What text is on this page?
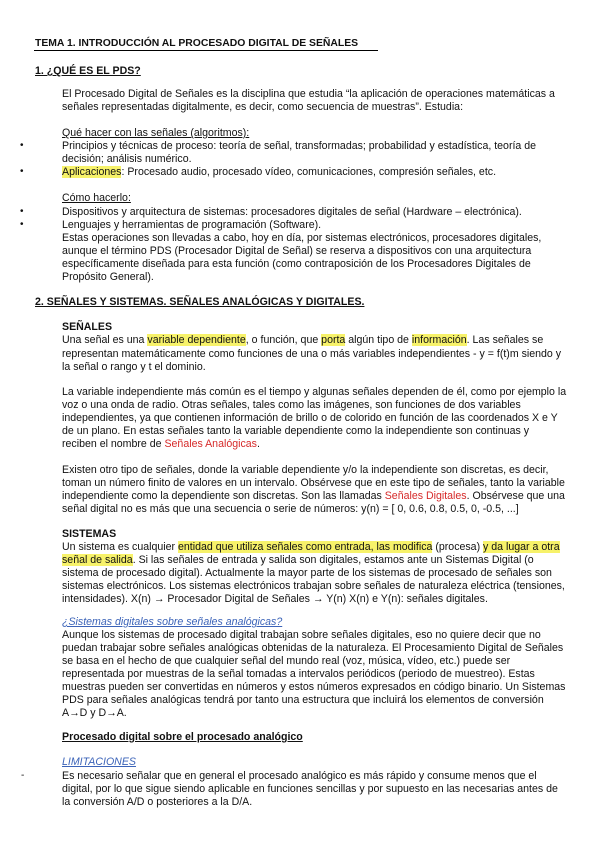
TEMA 1. INTRODUCCIÓN AL PROCESADO DIGITAL DE SEÑALES
1. ¿QUÉ ES EL PDS?
El Procesado Digital de Señales es la disciplina que estudia “la aplicación de operaciones matemáticas a
señales representadas digitalmente, es decir, como secuencia de muestras”. Estudia:
Qué hacer con las señales (algoritmos):
•	Principios y técnicas de proceso: teoría de señal, transformadas; probabilidad y estadística, teoría de
decisión; análisis numérico.
•	Aplicaciones: Procesado audio, procesado vídeo, comunicaciones, compresión señales, etc.
Cómo hacerlo:
•	Dispositivos y arquitectura de sistemas: procesadores digitales de señal (Hardware – electrónica).
•	Lenguajes y herramientas de programación (Software).
Estas operaciones son llevadas a cabo, hoy en día, por sistemas electrónicos, procesadores digitales,
aunque el término PDS (Procesador Digital de Señal) se reserva a dispositivos con una arquitectura
específicamente diseñada para esta función (como contraposición de los Procesadores Digitales de
Propósito General).
2. SEÑALES Y SISTEMAS. SEÑALES ANALÓGICAS Y DIGITALES.
SEÑALES
Una señal es una variable dependiente, o función, que porta algún tipo de información. Las señales se
representan matemáticamente como funciones de una o más variables independientes - y = f(t)m siendo y
la señal o rango y t el dominio.
La variable independiente más común es el tiempo y algunas señales dependen de él, como por ejemplo la
voz o una onda de radio. Otras señales, tales como las imágenes, son funciones de dos variables
independientes, ya que contienen información de brillo o de colorido en función de las coordenados X e Y
de un plano. En estas señales tanto la variable dependiente como la independiente son continuas y
reciben el nombre de Señales Analógicas.
Existen otro tipo de señales, donde la variable dependiente y/o la independiente son discretas, es decir,
toman un número finito de valores en un intervalo. Obsérvese que en este tipo de señales, tanto la variable
independiente como la dependiente son discretas. Son las llamadas Señales Digitales. Obsérvese que una
señal digital no es más que una secuencia o serie de números: y(n) = [ 0, 0.6, 0.8, 0.5, 0, -0.5, ...]
SISTEMAS
Un sistema es cualquier entidad que utiliza señales como entrada, las modifica (procesa) y da lugar a otra
señal de salida. Si las señales de entrada y salida son digitales, estamos ante un Sistemas Digital (o
sistema de procesado digital). Actualmente la mayor parte de los sistemas de procesado de señales son
sistemas electrónicos. Los sistemas electrónicos trabajan sobre señales de naturaleza eléctrica (tensiones,
intensidades). X(n) → Procesador Digital de Señales → Y(n) X(n) e Y(n): señales digitales.
¿Sistemas digitales sobre señales analógicas?
Aunque los sistemas de procesado digital trabajan sobre señales digitales, eso no quiere decir que no
puedan trabajar sobre señales analógicas obtenidas de la naturaleza. El Procesamiento Digital de Señales
se basa en el hecho de que cualquier señal del mundo real (voz, música, vídeo, etc.) puede ser
representada por muestras de la señal tomadas a intervalos periódicos (periodo de muestreo). Estas
muestras pueden ser convertidas en números y estos números expresados en código binario. Un Sistemas
PDS para señales analógicas tendrá por tanto una estructura que incluirá los elementos de conversión
A→D y D→A.
Procesado digital sobre el procesado analógico
LIMITACIONES
-	Es necesario señalar que en general el procesado analógico es más rápido y consume menos que el
digital, por lo que sigue siendo aplicable en funciones sencillas y por supuesto en las necesarias antes de
la conversión A/D o posteriores a la D/A.
